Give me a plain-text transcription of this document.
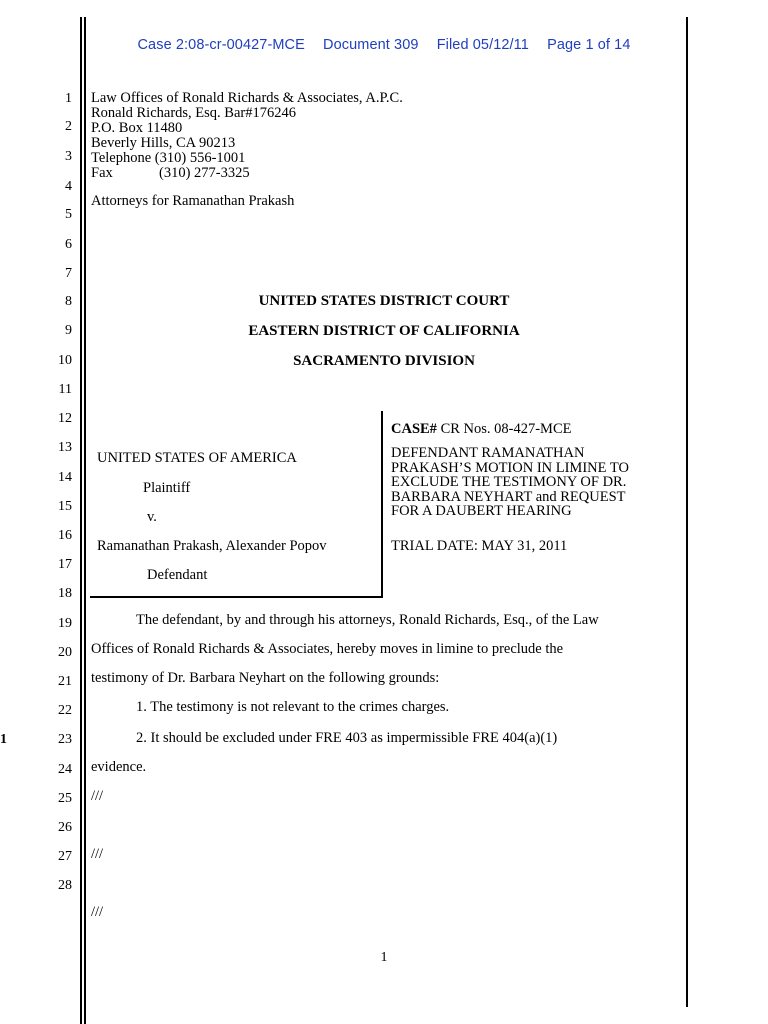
Case 2:08-cr-00427-MCE Document 309 Filed 05/12/11 Page 1 of 14
1
1
2
3
4
5
6
7
8
9
10
11
12
13
14
15
16
17
18
19
20
21
22
23
24
25
26
27
28
Law Offices of Ronald Richards & Associates, A.P.C.
Ronald Richards, Esq. Bar#176246
P.O. Box 11480
Beverly Hills, CA 90213
Telephone (310) 556-1001
Fax	(310) 277-3325
Attorneys for Ramanathan Prakash
UNITED STATES DISTRICT COURT
EASTERN DISTRICT OF CALIFORNIA
SACRAMENTO DIVISION
UNITED STATES OF AMERICA
Plaintiff
v.
Ramanathan Prakash, Alexander Popov
Defendant
CASE# CR Nos. 08-427-MCE
DEFENDANT RAMANATHAN
PRAKASH’S MOTION IN LIMINE TO
EXCLUDE THE TESTIMONY OF DR.
BARBARA NEYHART and REQUEST
FOR A DAUBERT HEARING
TRIAL DATE: MAY 31, 2011
The defendant, by and through his attorneys, Ronald Richards, Esq., of the Law
Offices of Ronald Richards & Associates, hereby moves in limine to preclude the
testimony of Dr. Barbara Neyhart on the following grounds:
1. The testimony is not relevant to the crimes charges.
2. It should be excluded under FRE 403 as impermissible FRE 404(a)(1)
evidence.
///
///
///
1
